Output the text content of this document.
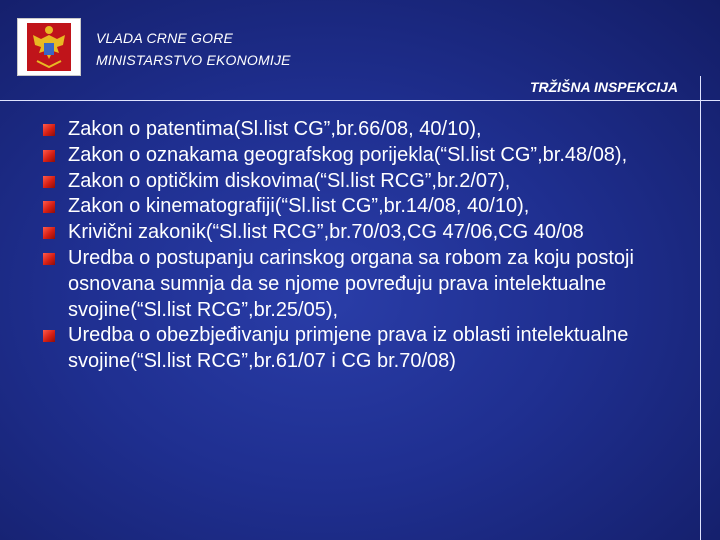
VLADA CRNE GORE
MINISTARSTVO EKONOMIJE
TRŽIŠNA INSPEKCIJA
Zakon o patentima(Sl.list CG”,br.66/08, 40/10),
Zakon o oznakama geografskog porijekla(“Sl.list CG”,br.48/08),
Zakon o optičkim diskovima(“Sl.list RCG”,br.2/07),
Zakon o kinematografiji(“Sl.list CG”,br.14/08, 40/10),
Krivični zakonik(“Sl.list RCG”,br.70/03,CG 47/06,CG 40/08
Uredba o postupanju carinskog organa sa robom za koju postoji osnovana sumnja da se njome povređuju prava intelektualne svojine(“Sl.list RCG”,br.25/05),
Uredba o obezbjeđivanju primjene prava iz oblasti intelektualne svojine(“Sl.list RCG”,br.61/07 i CG br.70/08)
